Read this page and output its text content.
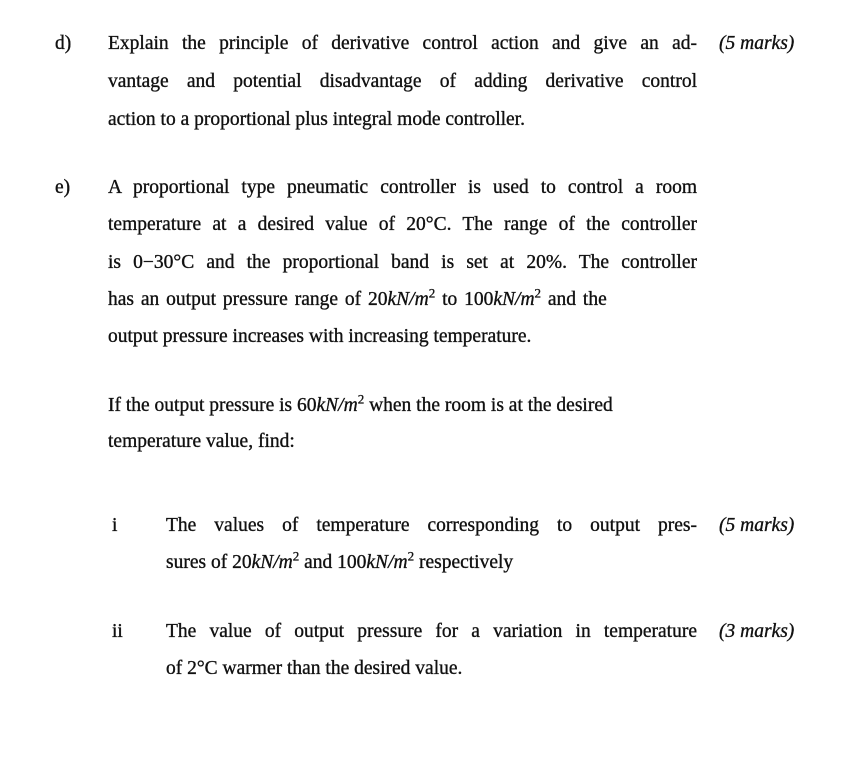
d)	(5 marks)
Explain the principle of derivative control action and give an ad-
vantage and potential disadvantage of adding derivative control
action to a proportional plus integral mode controller.
e) A proportional type pneumatic controller is used to control a room
temperature at a desired value of 20°C. The range of the controller
is 0−30°C and the proportional band is set at 20%. The controller
has an output pressure range of $20kN/m^2$ to $100kN/m^2$ and the
output pressure increases with increasing temperature.
If the output pressure is $60kN/m^2$ when the room is at the desired
temperature value, find:
i	(5 marks)
The values of temperature corresponding to output pres-
sures of $20kN/m^2$ and $100kN/m^2$ respectively
ii	(3 marks)
The value of output pressure for a variation in temperature
of 2°C warmer than the desired value.
